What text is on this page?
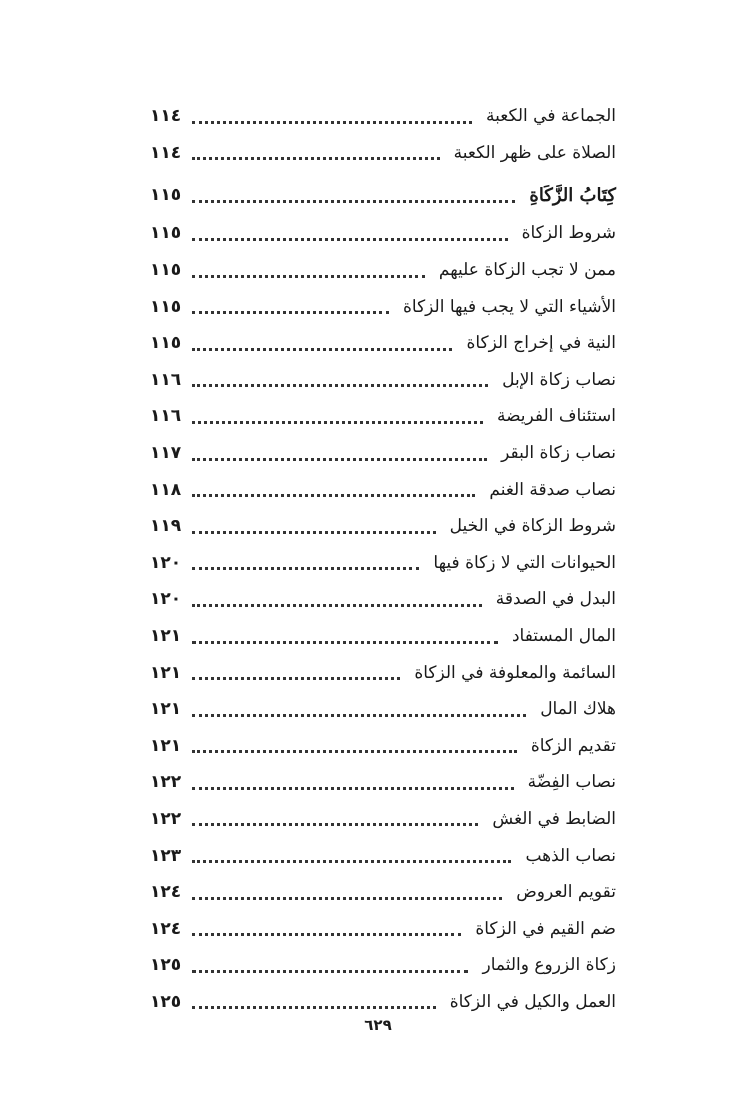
الجماعة في الكعبة
١١٤
الصلاة على ظهر الكعبة
١١٤
كِتَابُ الزَّكَاةِ
١١٥
شروط الزكاة
١١٥
ممن لا تجب الزكاة عليهم
١١٥
الأشياء التي لا يجب فيها الزكاة
١١٥
النية في إخراج الزكاة
١١٥
نصاب زكاة الإبل
١١٦
استئناف الفريضة
١١٦
نصاب زكاة البقر
١١٧
نصاب صدقة الغنم
١١٨
شروط الزكاة في الخيل
١١٩
الحيوانات التي لا زكاة فيها
١٢٠
البدل في الصدقة
١٢٠
المال المستفاد
١٢١
السائمة والمعلوفة في الزكاة
١٢١
هلاك المال
١٢١
تقديم الزكاة
١٢١
نصاب الفِضّة
١٢٢
الضابط في الغش
١٢٢
نصاب الذهب
١٢٣
تقويم العروض
١٢٤
ضم القيم في الزكاة
١٢٤
زكاة الزروع والثمار
١٢٥
العمل والكيل في الزكاة
١٢٥
٦٢٩
